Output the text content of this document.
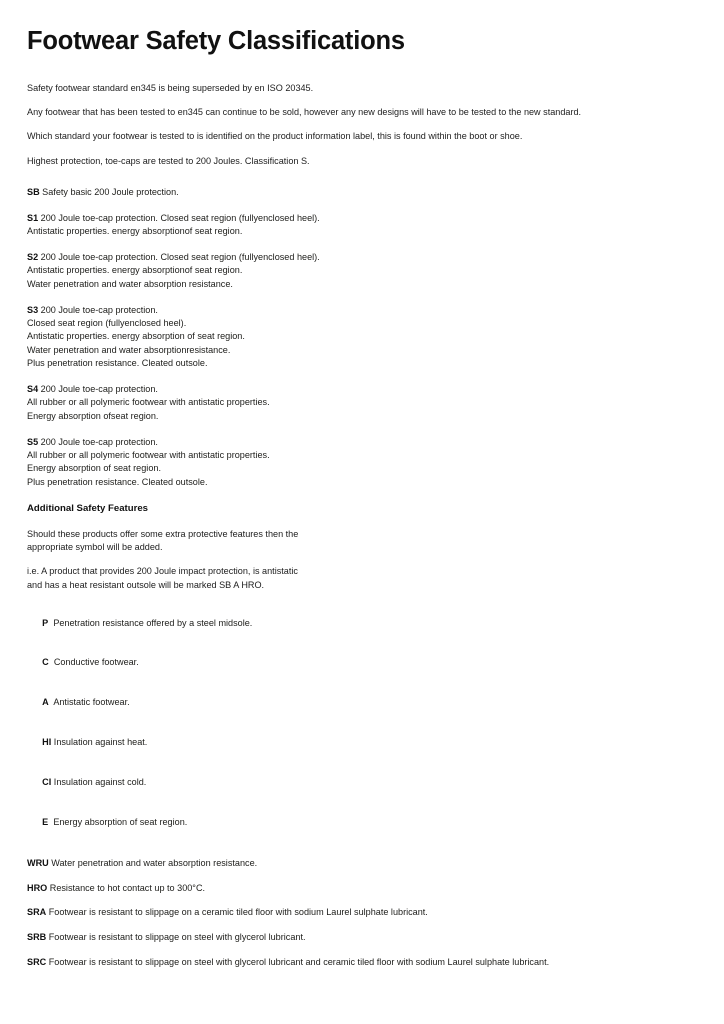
Footwear Safety Classifications
Safety footwear standard en345 is being superseded by en ISO 20345.
Any footwear that has been tested to en345 can continue to be sold, however any new designs will have to be tested to the new standard.
Which standard your footwear is tested to is identified on the product information label, this is found within the boot or shoe.
Highest protection, toe-caps are tested to 200 Joules. Classification S.
SB Safety basic 200 Joule protection.
S1 200 Joule toe-cap protection. Closed seat region (fullyenclosed heel).
Antistatic properties. energy absorptionof seat region.
S2 200 Joule toe-cap protection. Closed seat region (fullyenclosed heel).
Antistatic properties. energy absorptionof seat region.
Water penetration and water absorption resistance.
S3 200 Joule toe-cap protection.
Closed seat region (fullyenclosed heel).
Antistatic properties. energy absorption of seat region.
Water penetration and water absorptionresistance.
Plus penetration resistance. Cleated outsole.
S4 200 Joule toe-cap protection.
All rubber or all polymeric footwear with antistatic properties.
Energy absorption ofseat region.
S5 200 Joule toe-cap protection.
All rubber or all polymeric footwear with antistatic properties.
Energy absorption of seat region.
Plus penetration resistance. Cleated outsole.
Additional Safety Features
Should these products offer some extra protective features then the
appropriate symbol will be added.
i.e. A product that provides 200 Joule impact protection, is antistatic
and has a heat resistant outsole will be marked SB A HRO.

P Penetration resistance offered by a steel midsole.

C Conductive footwear.

A Antistatic footwear.

HI Insulation against heat.

CI Insulation against cold.

E Energy absorption of seat region.

WRU Water penetration and water absorption resistance.
HRO Resistance to hot contact up to 300°C.
SRA Footwear is resistant to slippage on a ceramic tiled floor with sodium Laurel sulphate lubricant.
SRB Footwear is resistant to slippage on steel with glycerol lubricant.
SRC Footwear is resistant to slippage on steel with glycerol lubricant and ceramic tiled floor with sodium Laurel sulphate lubricant.
